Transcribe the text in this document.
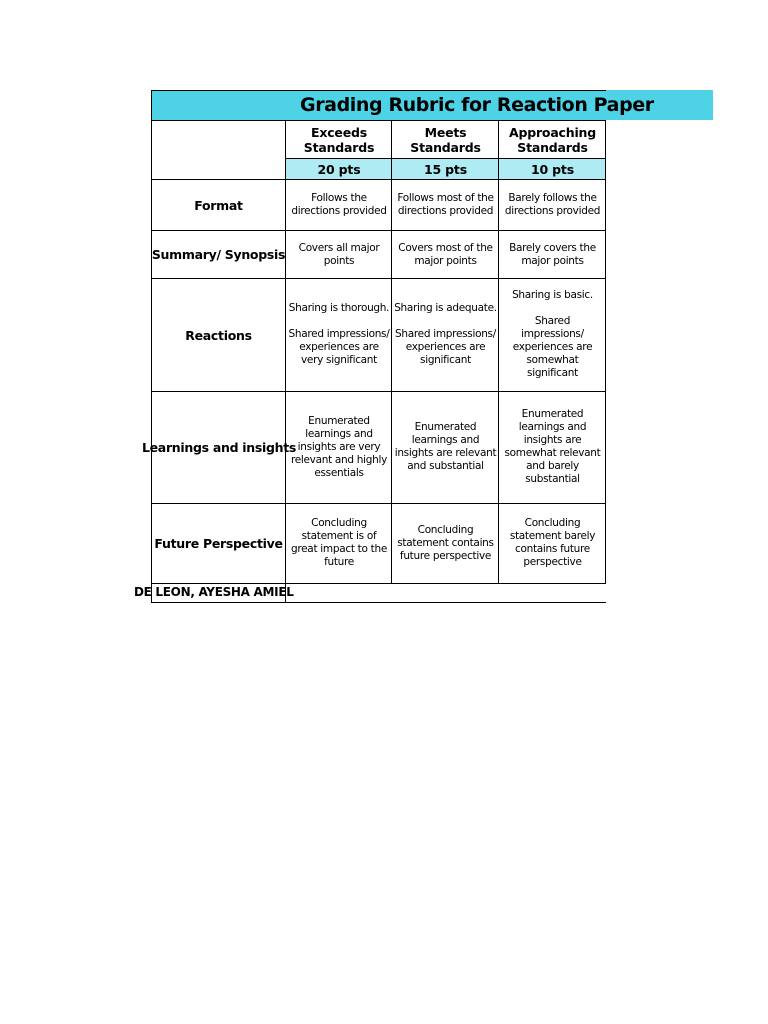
Grading Rubric for Reaction Paper
Exceeds Standards
Meets Standards
Approaching Standards
20 pts	15 pts	10 pts
Format
Summary/ Synopsis
Reactions
Learnings and insights
Future Perspective
Follows the directions provided
Follows most of the directions provided
Barely follows the directions provided
Covers all major points
Covers most of the major points
Barely covers the major points
Sharing is thorough.

Shared impressions/ experiences are very significant
Sharing is adequate.

Shared impressions/ experiences are significant
Sharing is basic.

Shared impressions/ experiences are somewhat significant
Enumerated learnings and insights are very relevant and highly essentials
Enumerated learnings and insights are relevant and substantial
Enumerated learnings and insights are somewhat relevant and barely substantial
Concluding statement is of great impact to the future
Concluding statement contains future perspective
Concluding statement barely contains future perspective
DE LEON, AYESHA AMIEL
